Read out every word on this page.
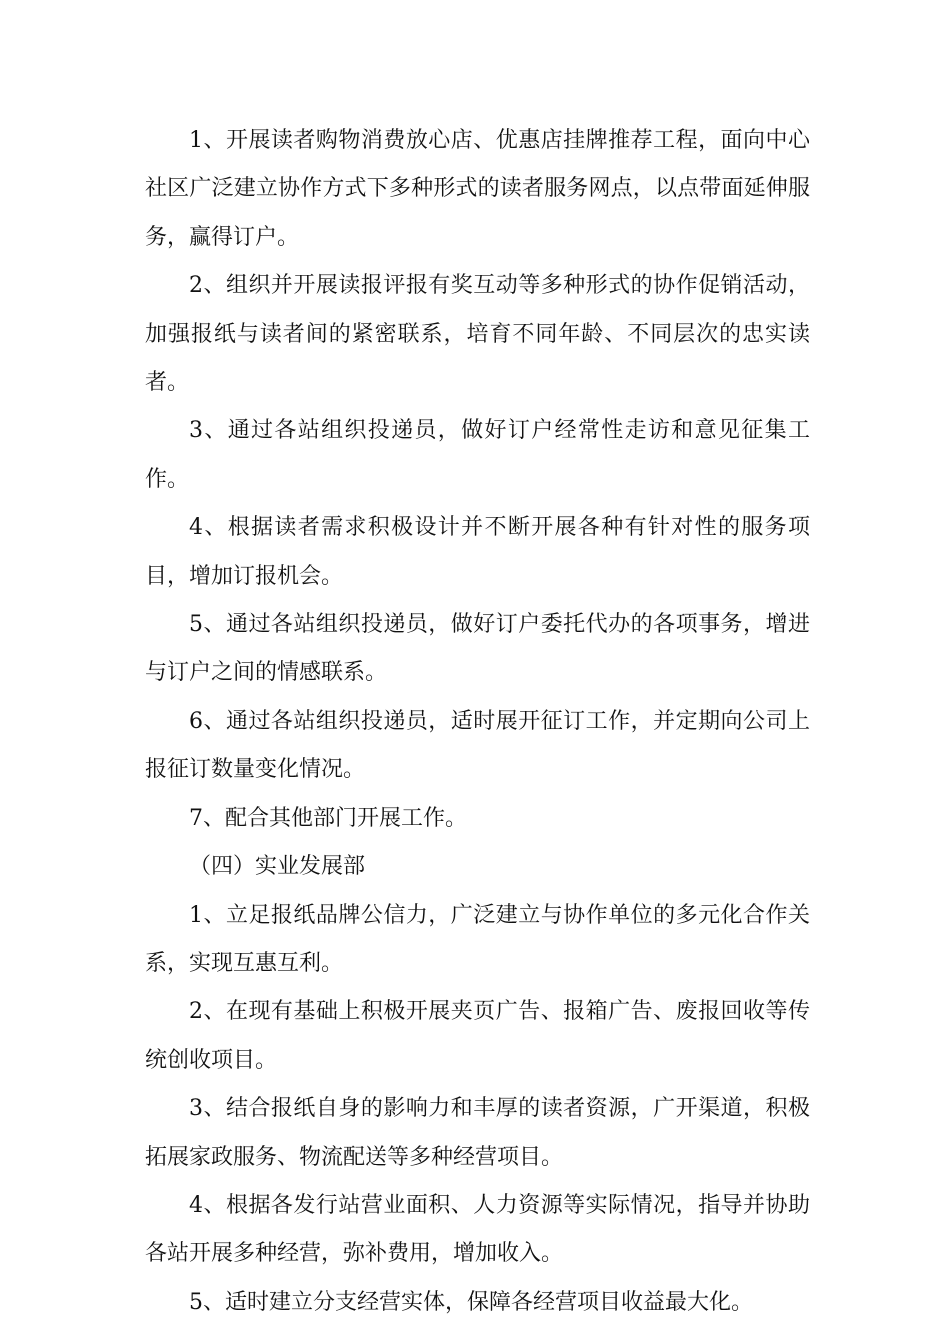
1、开展读者购物消费放心店、优惠店挂牌推荐工程，面向中心社区广泛建立协作方式下多种形式的读者服务网点，以点带面延伸服务，赢得订户。

2、组织并开展读报评报有奖互动等多种形式的协作促销活动，加强报纸与读者间的紧密联系，培育不同年龄、不同层次的忠实读者。

3、通过各站组织投递员，做好订户经常性走访和意见征集工作。

4、根据读者需求积极设计并不断开展各种有针对性的服务项目，增加订报机会。

5、通过各站组织投递员，做好订户委托代办的各项事务，增进与订户之间的情感联系。

6、通过各站组织投递员，适时展开征订工作，并定期向公司上报征订数量变化情况。

7、配合其他部门开展工作。

（四）实业发展部

1、立足报纸品牌公信力，广泛建立与协作单位的多元化合作关系，实现互惠互利。

2、在现有基础上积极开展夹页广告、报箱广告、废报回收等传统创收项目。

3、结合报纸自身的影响力和丰厚的读者资源，广开渠道，积极拓展家政服务、物流配送等多种经营项目。

4、根据各发行站营业面积、人力资源等实际情况，指导并协助各站开展多种经营，弥补费用，增加收入。

5、适时建立分支经营实体，保障各经营项目收益最大化。
